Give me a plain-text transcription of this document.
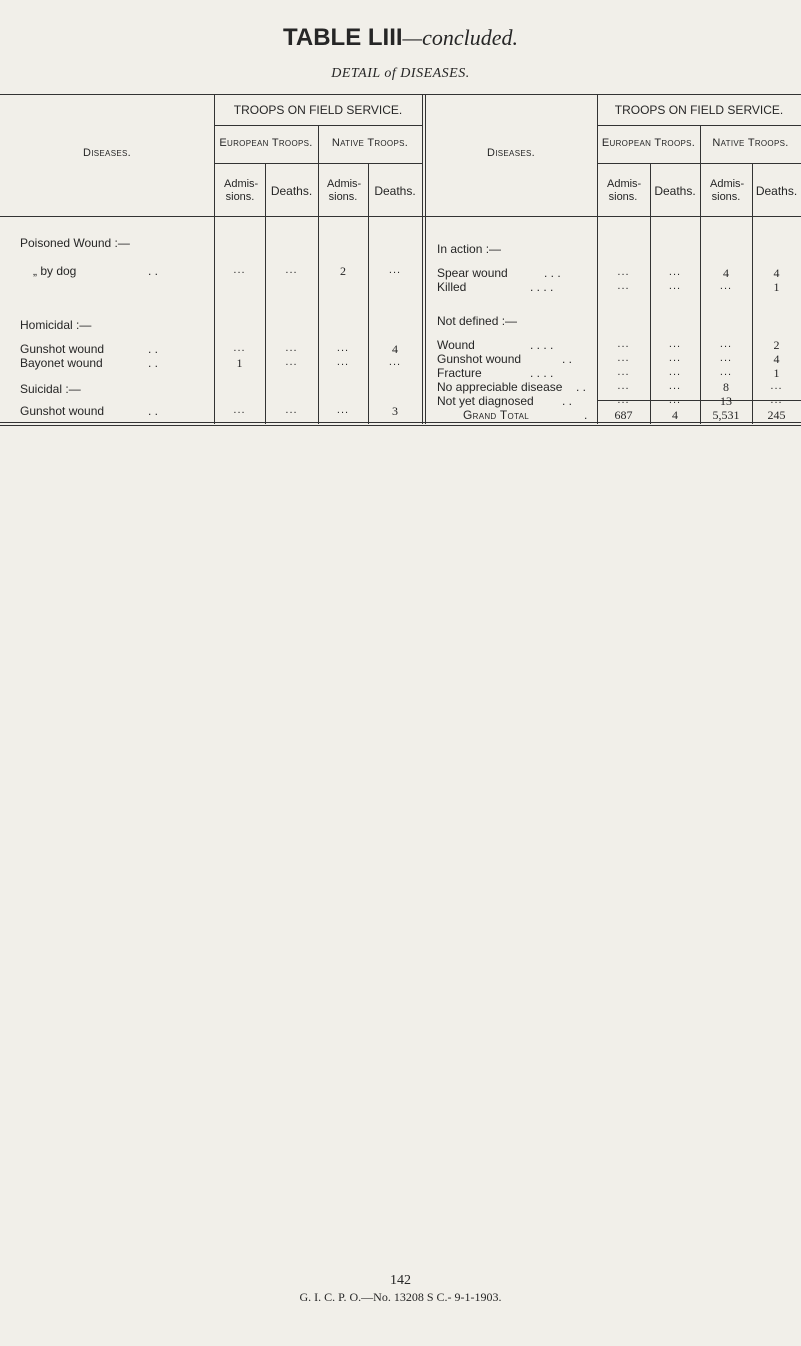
TABLE LIII—concluded.
DETAIL of DISEASES.
TROOPS ON FIELD SERVICE.	TROOPS ON FIELD SERVICE.
European Troops.	Native Troops.	European Troops.	Native Troops.
Diseases.	Diseases.
Admis- sions.	Deaths.	Admis- sions.	Deaths.	Admis- sions.	Deaths.	Admis- sions.	Deaths.
Poisoned Wound :—
„ by dog	. .	...	...	2	...
Homicidal :—
Gunshot wound	. .	...	...	...	4
Bayonet wound	. .	1	...	...	...
Suicidal :—
Gunshot wound	. .	...	...	...	3
In action :—
Spear wound	. . .	...	...	4	4
Killed	. . . .	...	...	...	1
Not defined :—
Wound	. . . .	...	...	...	2
Gunshot wound	. .	...	...	...	4
Fracture	. . . .	...	...	...	1
No appreciable disease . .	...	...	8	...
Not yet diagnosed . .	...	...	13	...
Grand Total	.	687	4	5,531	245
142
G. I. C. P. O.—No. 13208 S C.- 9-1-1903.
